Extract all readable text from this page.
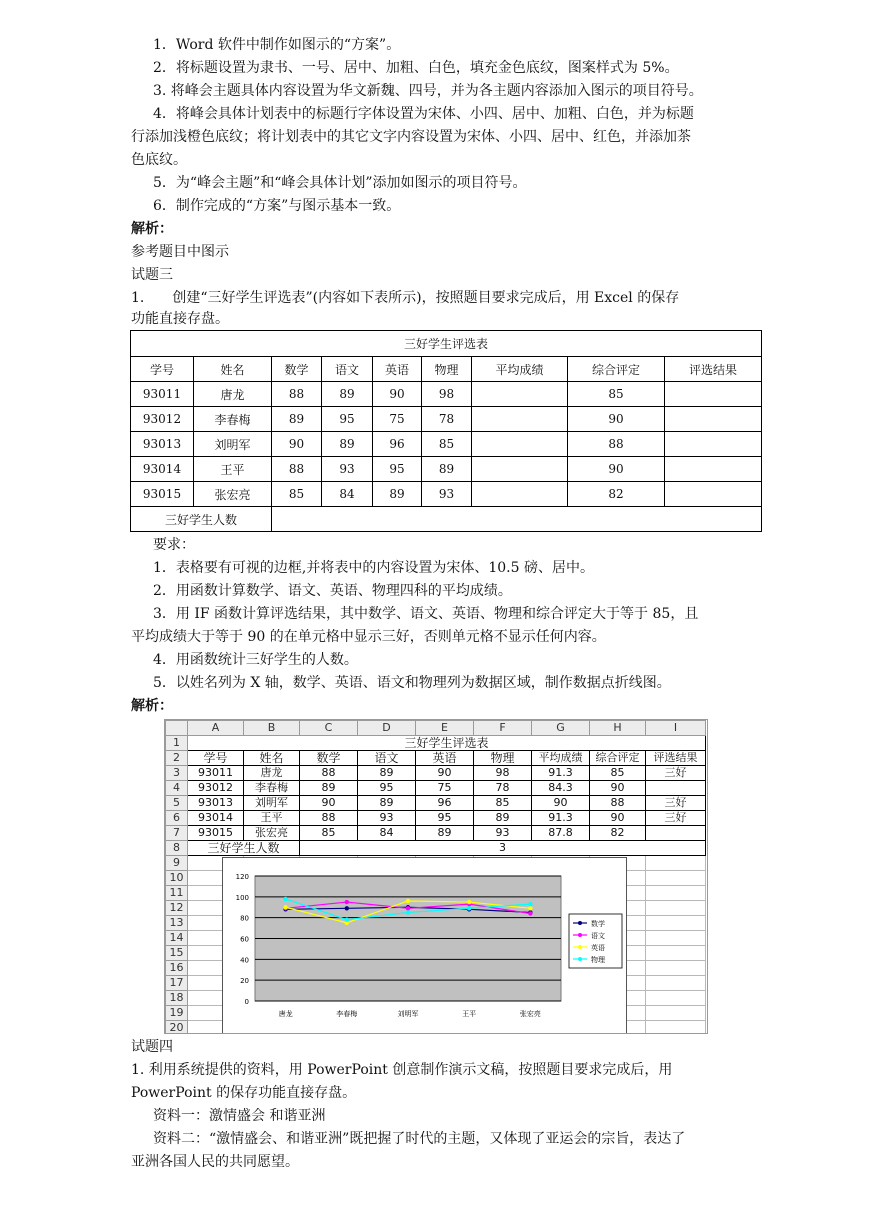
1．Word 软件中制作如图示的“方案”。
2．将标题设置为隶书、一号、居中、加粗、白色，填充金色底纹，图案样式为 5%。
3. 将峰会主题具体内容设置为华文新魏、四号，并为各主题内容添加入图示的项目符号。
4．将峰会具体计划表中的标题行字体设置为宋体、小四、居中、加粗、白色，并为标题
行添加浅橙色底纹；将计划表中的其它文字内容设置为宋体、小四、居中、红色，并添加茶
色底纹。
5．为“峰会主题”和“峰会具体计划”添加如图示的项目符号。
6．制作完成的“方案”与图示基本一致。
解析：
参考题目中图示
试题三
1.　　创建“三好学生评选表”(内容如下表所示)，按照题目要求完成后，用 Excel 的保存
功能直接存盘。
三好学生评选表								
学号	姓名	数学	语文	英语	物理	平均成绩	综合评定	评选结果
93011	唐龙	88	89	90	98		85	
93012	李春梅	89	95	75	78		90	
93013	刘明军	90	89	96	85		88	
93014	王平	88	93	95	89		90	
93015	张宏亮	85	84	89	93		82	
三好学生人数								
要求：
1．表格要有可视的边框,并将表中的内容设置为宋体、10.5 磅、居中。
2．用函数计算数学、语文、英语、物理四科的平均成绩。
3．用 IF 函数计算评选结果，其中数学、语文、英语、物理和综合评定大于等于 85，且
平均成绩大于等于 90 的在单元格中显示三好，否则单元格不显示任何内容。
4．用函数统计三好学生的人数。
5．以姓名列为 X 轴，数学、英语、语文和物理列为数据区域，制作数据点折线图。
解析：
	A	B	C	D	E	F	G	H	I
1	三好学生评选表								
2	学号	姓名	数学	语文	英语	物理	平均成绩	综合评定	评选结果
3	93011	唐龙	88	89	90	98	91.3	85	三好
4	93012	李春梅	89	95	75	78	84.3	90	
5	93013	刘明军	90	89	96	85	90	88	三好
6	93014	王平	88	93	95	89	91.3	90	三好
7	93015	张宏亮	85	84	89	93	87.8	82	
8	三好学生人数		3						
9									
10									
11									
12									
13									
14									
15									
16									
17									
18									
19									
20									
0
20
40
60
80
100
120
唐龙	李春梅	刘明军	王平	张宏亮
数学
语文
英语
物理
试题四
1. 利用系统提供的资料，用 PowerPoint 创意制作演示文稿，按照题目要求完成后，用
PowerPoint 的保存功能直接存盘。
资料一：激情盛会 和谐亚洲
资料二：“激情盛会、和谐亚洲”既把握了时代的主题，又体现了亚运会的宗旨，表达了
亚洲各国人民的共同愿望。
